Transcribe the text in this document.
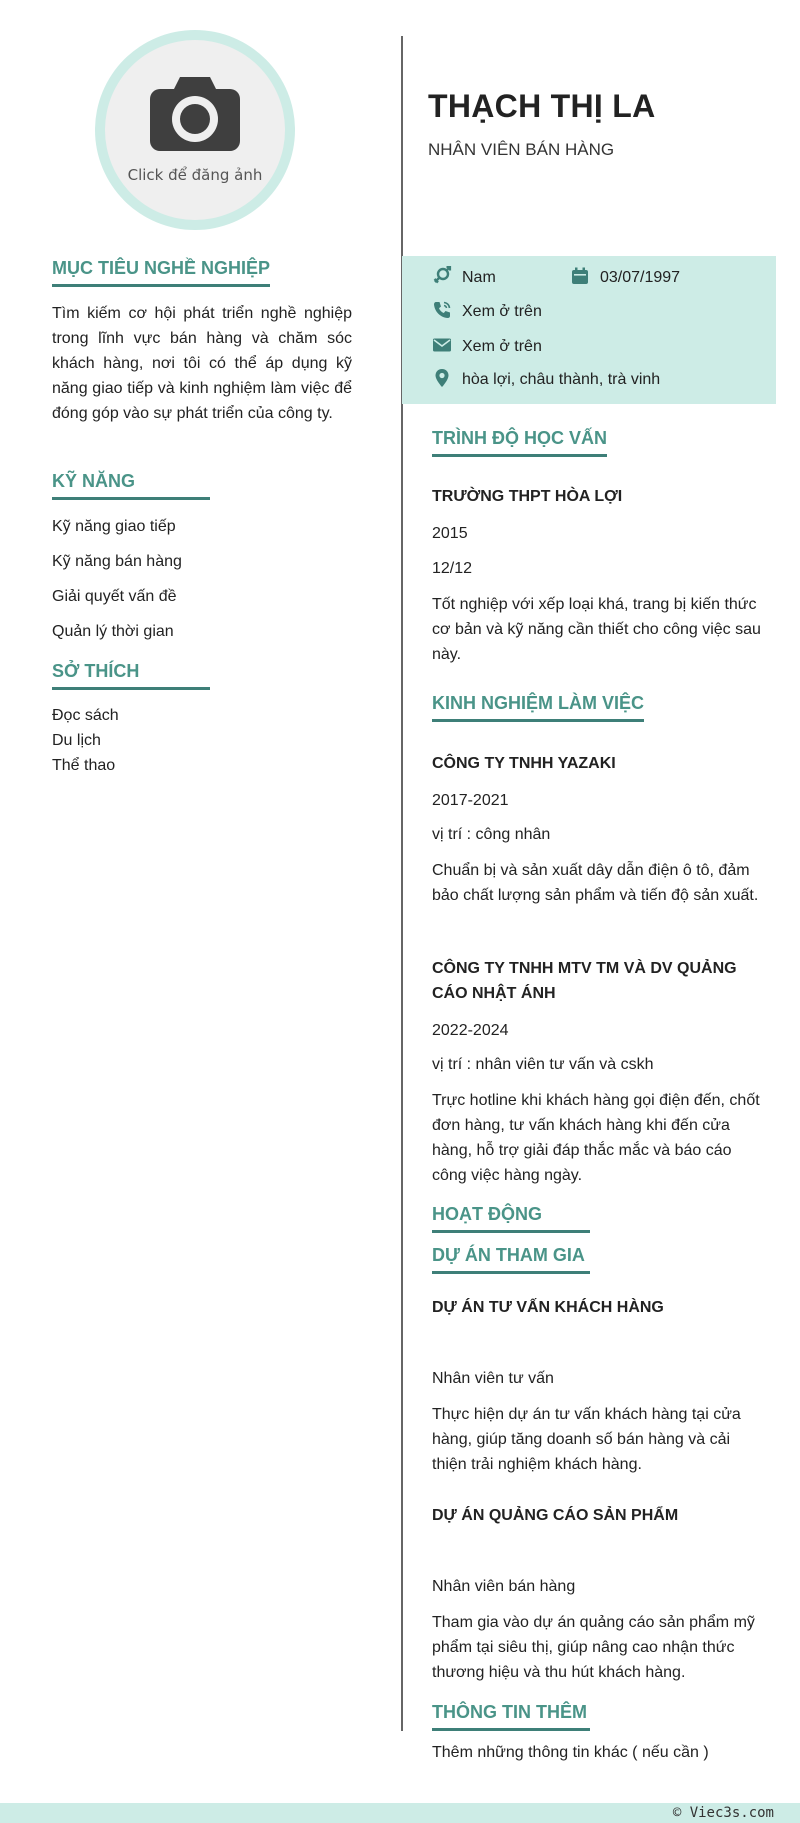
Click để đăng ảnh
MỤC TIÊU NGHỀ NGHIỆP
Tìm kiếm cơ hội phát triển nghề nghiệp trong lĩnh vực bán hàng và chăm sóc khách hàng, nơi tôi có thể áp dụng kỹ năng giao tiếp và kinh nghiệm làm việc để đóng góp vào sự phát triển của công ty.
KỸ NĂNG
Kỹ năng giao tiếp
Kỹ năng bán hàng
Giải quyết vấn đề
Quản lý thời gian
SỞ THÍCH
Đọc sách
Du lịch
Thể thao
THẠCH THỊ LA
NHÂN VIÊN BÁN HÀNG
Nam	03/07/1997
Xem ở trên
Xem ở trên
hòa lợi, châu thành, trà vinh
TRÌNH ĐỘ HỌC VẤN
TRƯỜNG THPT HÒA LỢI
2015
12/12
Tốt nghiệp với xếp loại khá, trang bị kiến thức cơ bản và kỹ năng cần thiết cho công việc sau này.
KINH NGHIỆM LÀM VIỆC
CÔNG TY TNHH YAZAKI
2017-2021
vị trí : công nhân
Chuẩn bị và sản xuất dây dẫn điện ô tô, đảm bảo chất lượng sản phẩm và tiến độ sản xuất.
CÔNG TY TNHH MTV TM VÀ DV QUẢNG CÁO NHẬT ÁNH
2022-2024
vị trí : nhân viên tư vấn và cskh
Trực hotline khi khách hàng gọi điện đến, chốt đơn hàng, tư vấn khách hàng khi đến cửa hàng, hỗ trợ giải đáp thắc mắc và báo cáo công việc hàng ngày.
HOẠT ĐỘNG
DỰ ÁN THAM GIA
DỰ ÁN TƯ VẤN KHÁCH HÀNG
Nhân viên tư vấn
Thực hiện dự án tư vấn khách hàng tại cửa hàng, giúp tăng doanh số bán hàng và cải thiện trải nghiệm khách hàng.
DỰ ÁN QUẢNG CÁO SẢN PHẨM
Nhân viên bán hàng
Tham gia vào dự án quảng cáo sản phẩm mỹ phẩm tại siêu thị, giúp nâng cao nhận thức thương hiệu và thu hút khách hàng.
THÔNG TIN THÊM
Thêm những thông tin khác ( nếu cần )
© Viec3s.com
